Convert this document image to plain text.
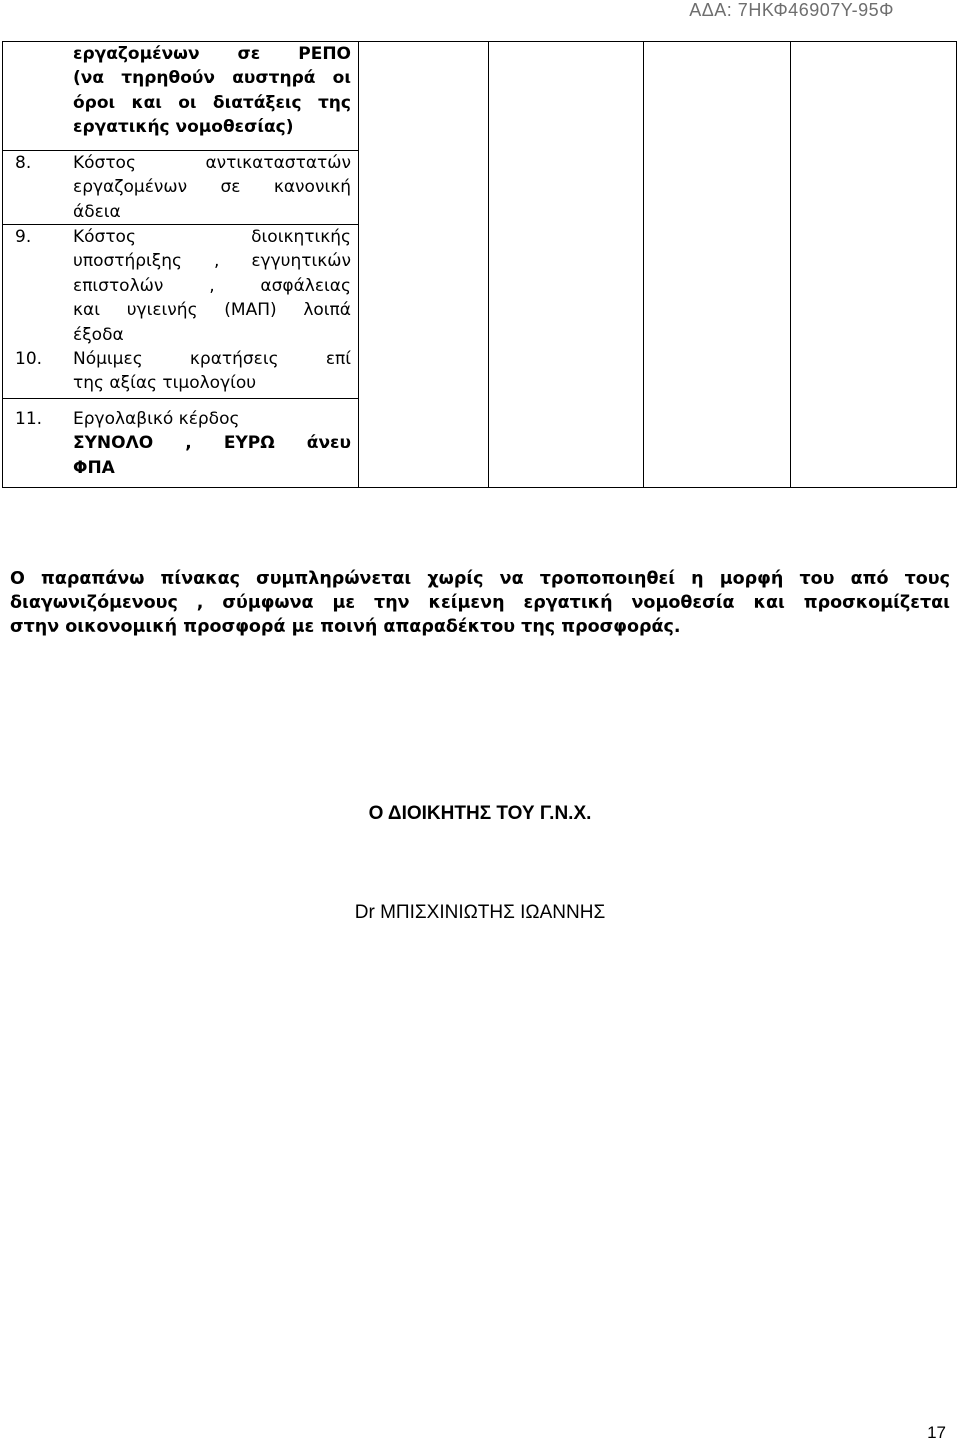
ΑΔΑ: 7ΗΚΦ46907Υ-95Φ
εργαζομένων σε ΡΕΠΟ
(να τηρηθούν αυστηρά οι
όροι και οι διατάξεις της
εργατικής νομοθεσίας)
8. Κόστος αντικαταστατών
εργαζομένων σε κανονική
άδεια
9. Κόστος διοικητικής
υποστήριξης , εγγυητικών
επιστολών , ασφάλειας
και υγιεινής (ΜΑΠ) λοιπά
έξοδα
10. Νόμιμες κρατήσεις επί
της αξίας τιμολογίου
11. Εργολαβικό κέρδος
ΣΥΝΟΛΟ , ΕΥΡΩ άνευ
ΦΠΑ
Ο παραπάνω πίνακας συμπληρώνεται χωρίς να τροποποιηθεί η μορφή του από τους
διαγωνιζόμενους , σύμφωνα με την κείμενη εργατική νομοθεσία και προσκομίζεται
στην οικονομική προσφορά με ποινή απαραδέκτου της προσφοράς.
Ο ΔΙΟΙΚΗΤΗΣ ΤΟΥ Γ.Ν.Χ.
Dr ΜΠΙΣΧΙΝΙΩΤΗΣ ΙΩΑΝΝΗΣ
17
